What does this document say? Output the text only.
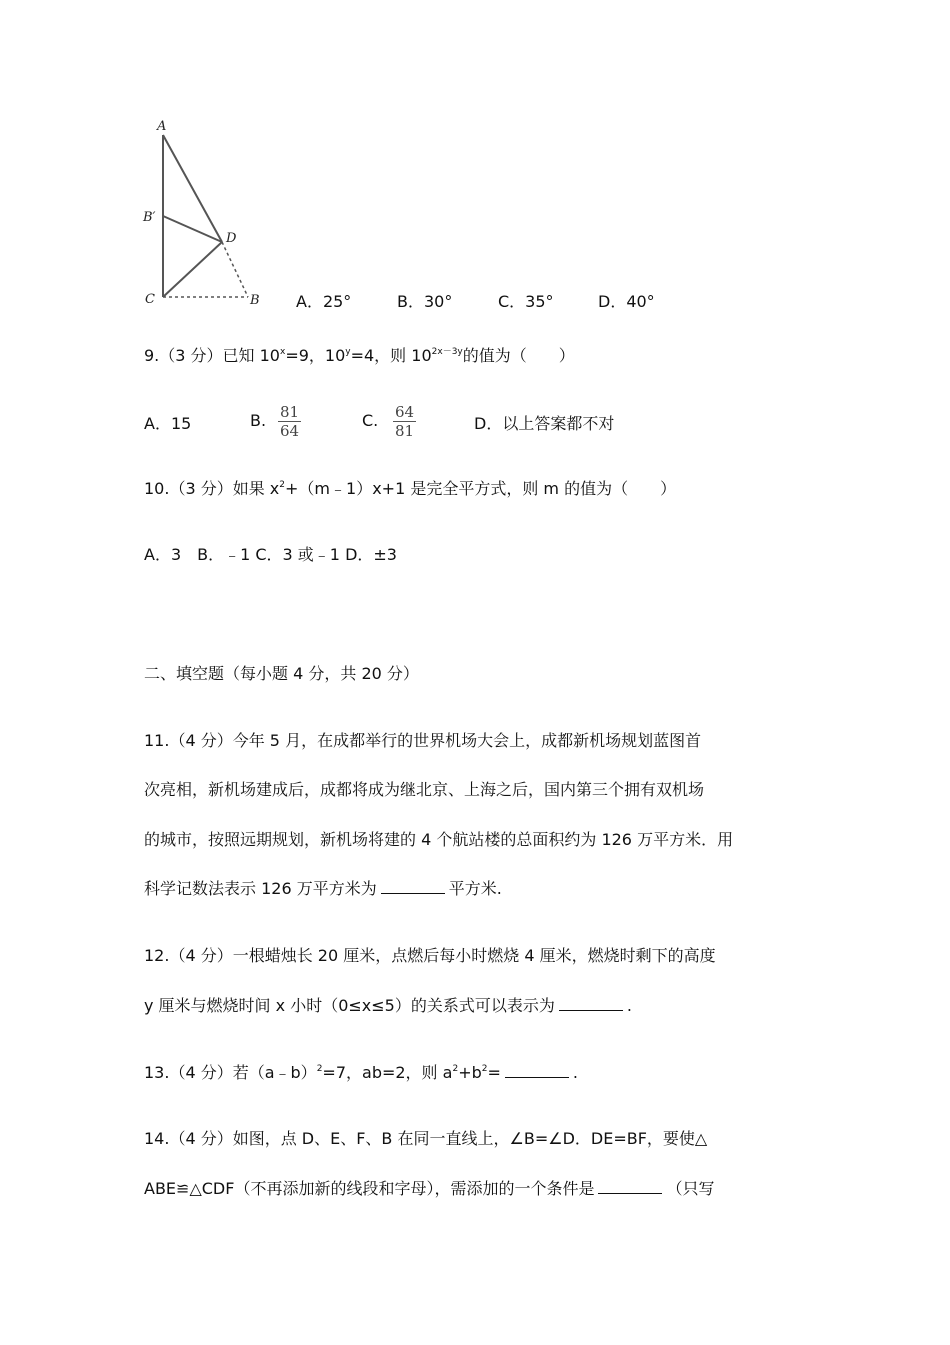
A
B′
C
D
B A．25°	B．30°	C．35°	D．40°
9.（3 分）已知 $10^x=9$，$10^y=4$，则 $10^{2x-3y}$的值为（　　）
A．15	B. $\frac{81}{64}$	C. $\frac{64}{81}$	D．以上答案都不对
10.（3 分）如果 $x^2+(m﹣1)x+1$ 是完全平方式，则 m 的值为（　　）
A．3　B．﹣1 C．3 或﹣1 D．±3
二、填空题（每小题 4 分，共 20 分）
11.（4 分）今年 5 月，在成都举行的世界机场大会上，成都新机场规划蓝图首
次亮相，新机场建成后，成都将成为继北京、上海之后，国内第三个拥有双机场
的城市，按照远期规划，新机场将建的 4 个航站楼的总面积约为 126 万平方米．用
科学记数法表示 126 万平方米为	平方米.
12.（4 分）一根蜡烛长 20 厘米，点燃后每小时燃烧 4 厘米，燃烧时剩下的高度
y 厘米与燃烧时间 x 小时（0≤x≤5）的关系式可以表示为	.
13.（4 分）若（a﹣b）$^2$=7，ab=2，则 $a^2+b^2=$	.
14.（4 分）如图，点 D、E、F、B 在同一直线上，∠B=∠D．DE=BF，要使△
ABE≌△CDF（不再添加新的线段和字母），需添加的一个条件是	（只写
